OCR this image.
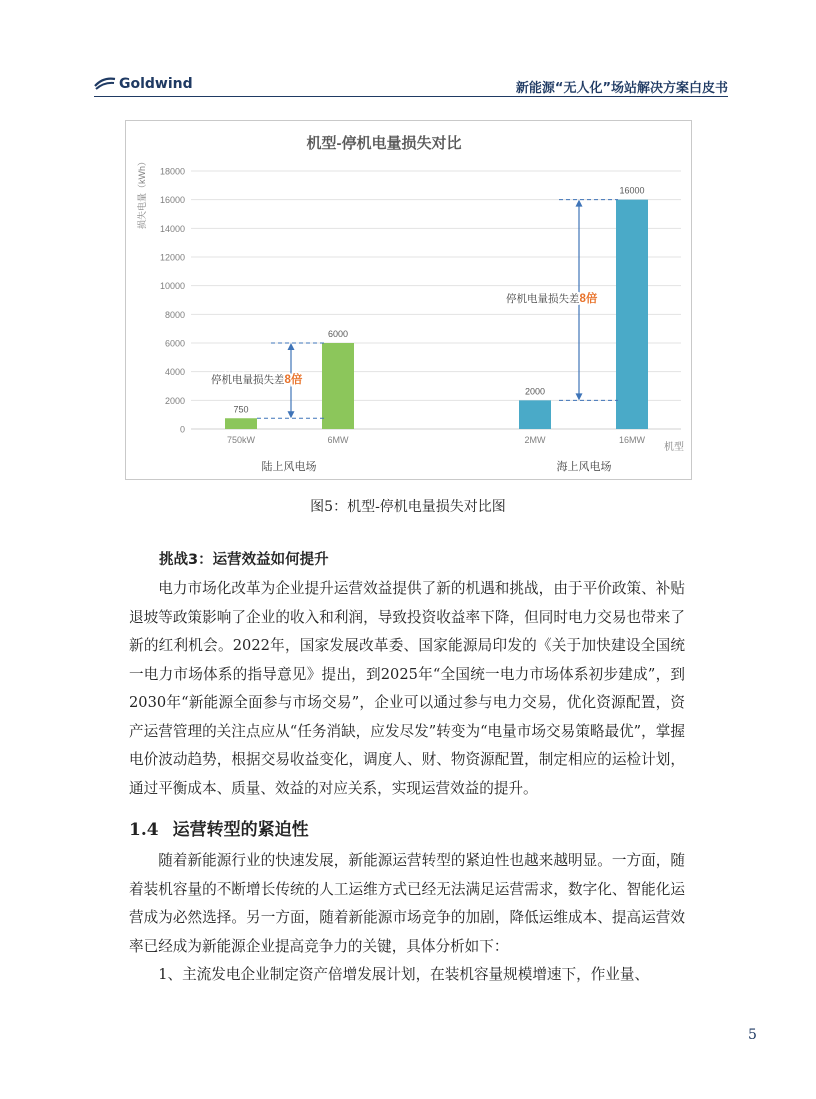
Goldwind	新能源“无人化”场站解决方案白皮书
机型-停机电量损失对比
损失电量（kWh）
0
2000
4000
6000
8000
10000
12000
14000
16000
18000
机型
750
750kW
6000
6MW
陆上风电场
停机电量损失差8倍
2000
2MW
16000
16MW
海上风电场
停机电量损失差8倍
图5：机型-停机电量损失对比图
挑战3：运营效益如何提升

电力市场化改革为企业提升运营效益提供了新的机遇和挑战，由于平价政策、补贴退坡等政策影响了企业的收入和利润，导致投资收益率下降，但同时电力交易也带来了新的红利机会。2022年，国家发展改革委、国家能源局印发的《关于加快建设全国统一电力市场体系的指导意见》提出，到2025年“全国统一电力市场体系初步建成”，到2030年“新能源全面参与市场交易”，企业可以通过参与电力交易，优化资源配置，资产运营管理的关注点应从“任务消缺，应发尽发”转变为“电量市场交易策略最优”，掌握电价波动趋势，根据交易收益变化，调度人、财、物资源配置，制定相应的运检计划，通过平衡成本、质量、效益的对应关系，实现运营效益的提升。

1.4 运营转型的紧迫性

随着新能源行业的快速发展，新能源运营转型的紧迫性也越来越明显。一方面，随着装机容量的不断增长传统的人工运维方式已经无法满足运营需求，数字化、智能化运营成为必然选择。另一方面，随着新能源市场竞争的加剧，降低运维成本、提高运营效率已经成为新能源企业提高竞争力的关键，具体分析如下：

1、主流发电企业制定资产倍增发展计划，在装机容量规模增速下，作业量、

5
